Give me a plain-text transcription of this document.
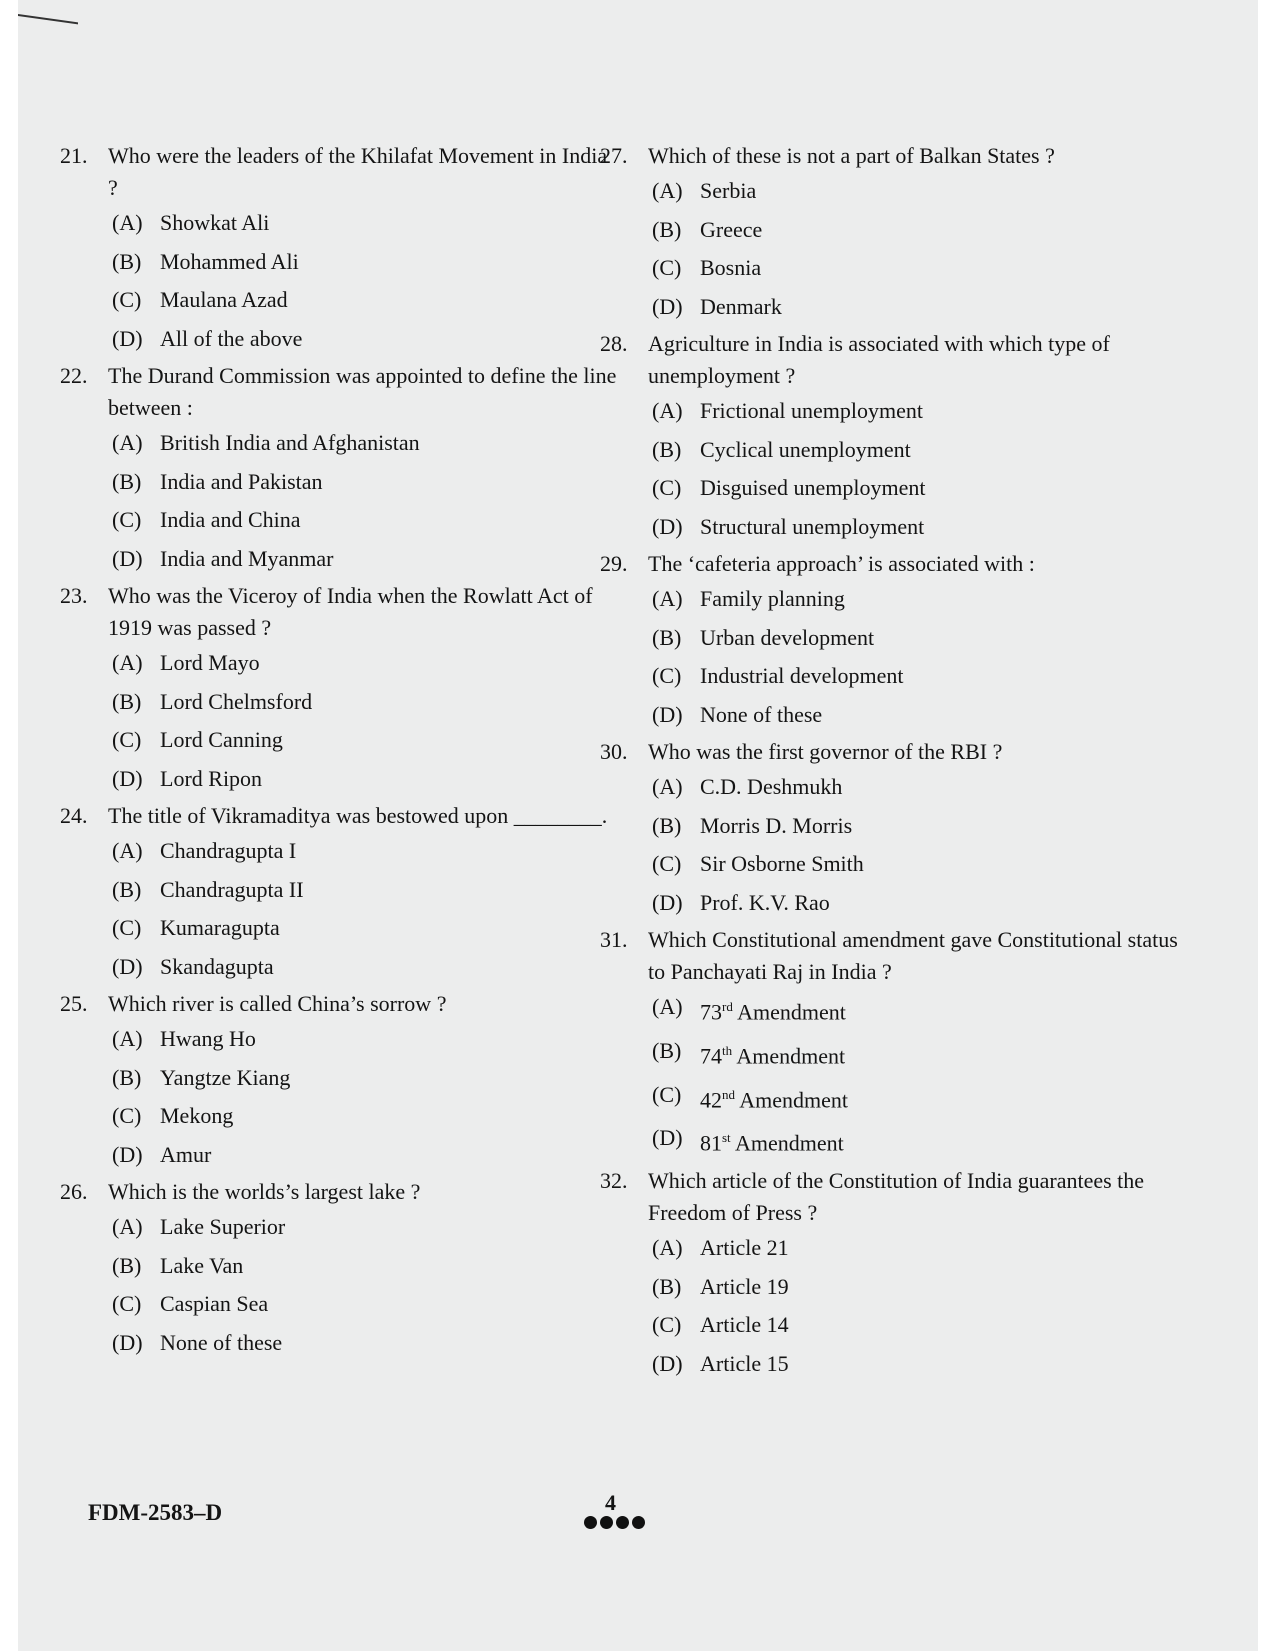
21. Who were the leaders of the Khilafat Movement in India ?
(A) Showkat Ali
(B) Mohammed Ali
(C) Maulana Azad
(D) All of the above
22. The Durand Commission was appointed to define the line between :
(A) British India and Afghanistan
(B) India and Pakistan
(C) India and China
(D) India and Myanmar
23. Who was the Viceroy of India when the Rowlatt Act of 1919 was passed ?
(A) Lord Mayo
(B) Lord Chelmsford
(C) Lord Canning
(D) Lord Ripon
24. The title of Vikramaditya was bestowed upon ________.
(A) Chandragupta I
(B) Chandragupta II
(C) Kumaragupta
(D) Skandagupta
25. Which river is called China’s sorrow ?
(A) Hwang Ho
(B) Yangtze Kiang
(C) Mekong
(D) Amur
26. Which is the worlds’s largest lake ?
(A) Lake Superior
(B) Lake Van
(C) Caspian Sea
(D) None of these
27. Which of these is not a part of Balkan States ?
(A) Serbia
(B) Greece
(C) Bosnia
(D) Denmark
28. Agriculture in India is associated with which type of unemployment ?
(A) Frictional unemployment
(B) Cyclical unemployment
(C) Disguised unemployment
(D) Structural unemployment
29. The ‘cafeteria approach’ is associated with :
(A) Family planning
(B) Urban development
(C) Industrial development
(D) None of these
30. Who was the first governor of the RBI ?
(A) C.D. Deshmukh
(B) Morris D. Morris
(C) Sir Osborne Smith
(D) Prof. K.V. Rao
31. Which Constitutional amendment gave Constitutional status to Panchayati Raj in India ?
(A) 73rd Amendment
(B) 74th Amendment
(C) 42nd Amendment
(D) 81st Amendment
32. Which article of the Constitution of India guarantees the Freedom of Press ?
(A) Article 21
(B) Article 19
(C) Article 14
(D) Article 15
FDM-2583–D	4
